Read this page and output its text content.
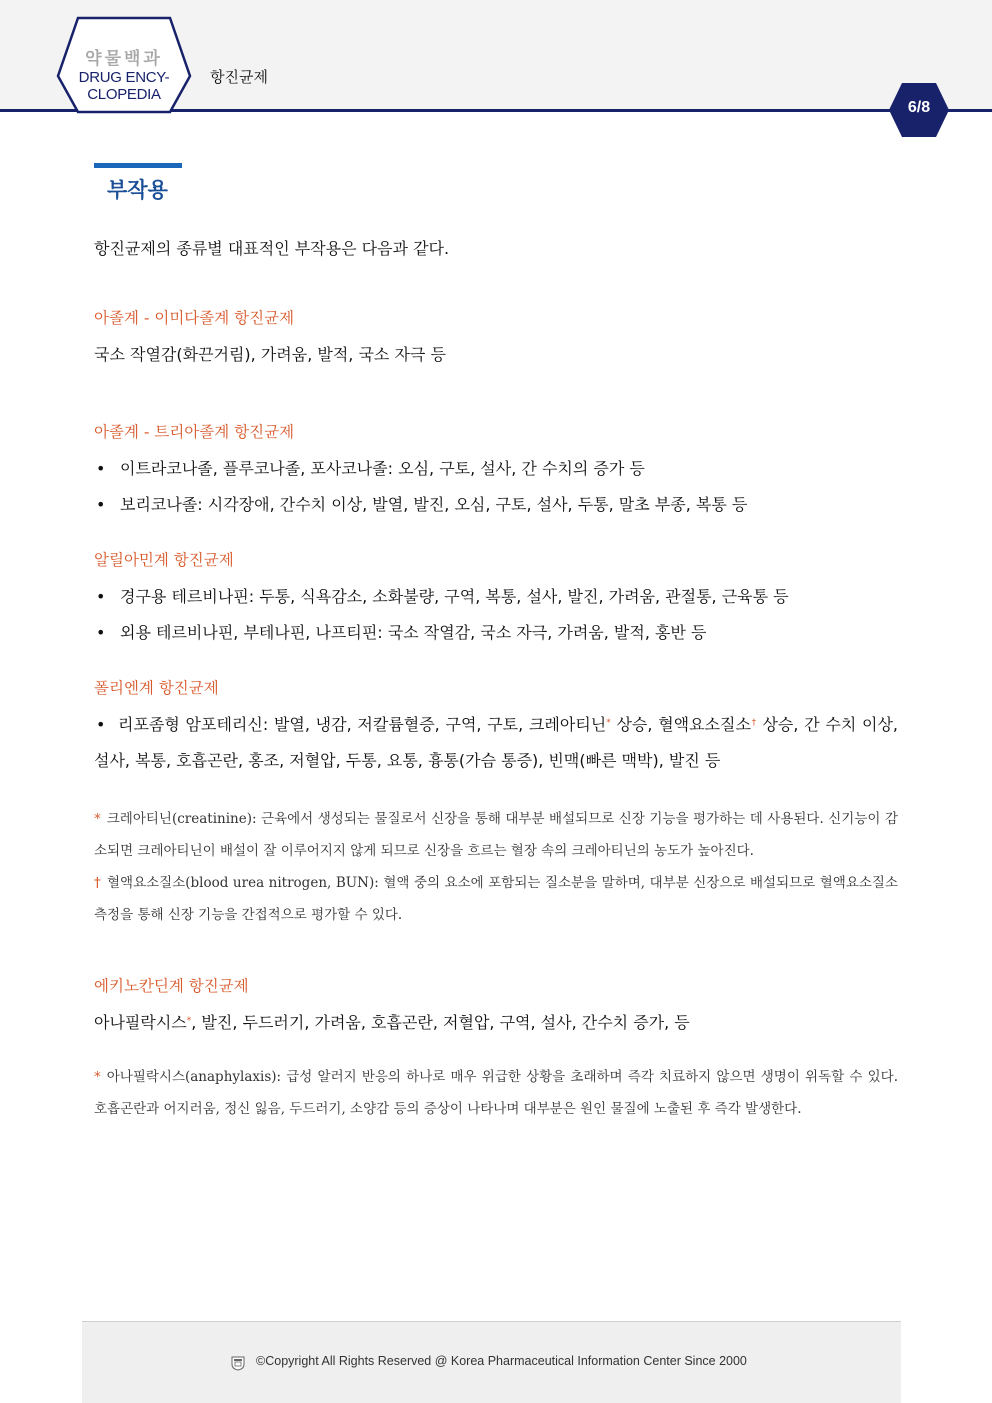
약물백과
DRUG ENCY-
CLOPEDIA
항진균제
6/8
부작용
항진균제의 종류별 대표적인 부작용은 다음과 같다.
아졸계 - 이미다졸계 항진균제
국소 작열감(화끈거림), 가려움, 발적, 국소 자극 등
아졸계 - 트리아졸계 항진균제
• 이트라코나졸, 플루코나졸, 포사코나졸: 오심, 구토, 설사, 간 수치의 증가 등
• 보리코나졸: 시각장애, 간수치 이상, 발열, 발진, 오심, 구토, 설사, 두통, 말초 부종, 복통 등
알릴아민계 항진균제
• 경구용 테르비나핀: 두통, 식욕감소, 소화불량, 구역, 복통, 설사, 발진, 가려움, 관절통, 근육통 등
• 외용 테르비나핀, 부테나핀, 나프티핀: 국소 작열감, 국소 자극, 가려움, 발적, 홍반 등
폴리엔계 항진균제
• 리포좀형 암포테리신: 발열, 냉감, 저칼륨혈증, 구역, 구토, 크레아티닌* 상승, 혈액요소질소† 상승, 간 수치 이상, 설사, 복통, 호흡곤란, 홍조, 저혈압, 두통, 요통, 흉통(가슴 통증), 빈맥(빠른 맥박), 발진 등
* 크레아티닌(creatinine): 근육에서 생성되는 물질로서 신장을 통해 대부분 배설되므로 신장 기능을 평가하는 데 사용된다. 신기능이 감소되면 크레아티닌이 배설이 잘 이루어지지 않게 되므로 신장을 흐르는 혈장 속의 크레아티닌의 농도가 높아진다.
† 혈액요소질소(blood urea nitrogen, BUN): 혈액 중의 요소에 포함되는 질소분을 말하며, 대부분 신장으로 배설되므로 혈액요소질소 측정을 통해 신장 기능을 간접적으로 평가할 수 있다.
에키노칸딘계 항진균제
아나필락시스*, 발진, 두드러기, 가려움, 호흡곤란, 저혈압, 구역, 설사, 간수치 증가, 등
* 아나필락시스(anaphylaxis): 급성 알러지 반응의 하나로 매우 위급한 상황을 초래하며 즉각 치료하지 않으면 생명이 위독할 수 있다. 호흡곤란과 어지러움, 정신 잃음, 두드러기, 소양감 등의 증상이 나타나며 대부분은 원인 물질에 노출된 후 즉각 발생한다.
©Copyright All Rights Reserved @ Korea Pharmaceutical Information Center Since 2000
